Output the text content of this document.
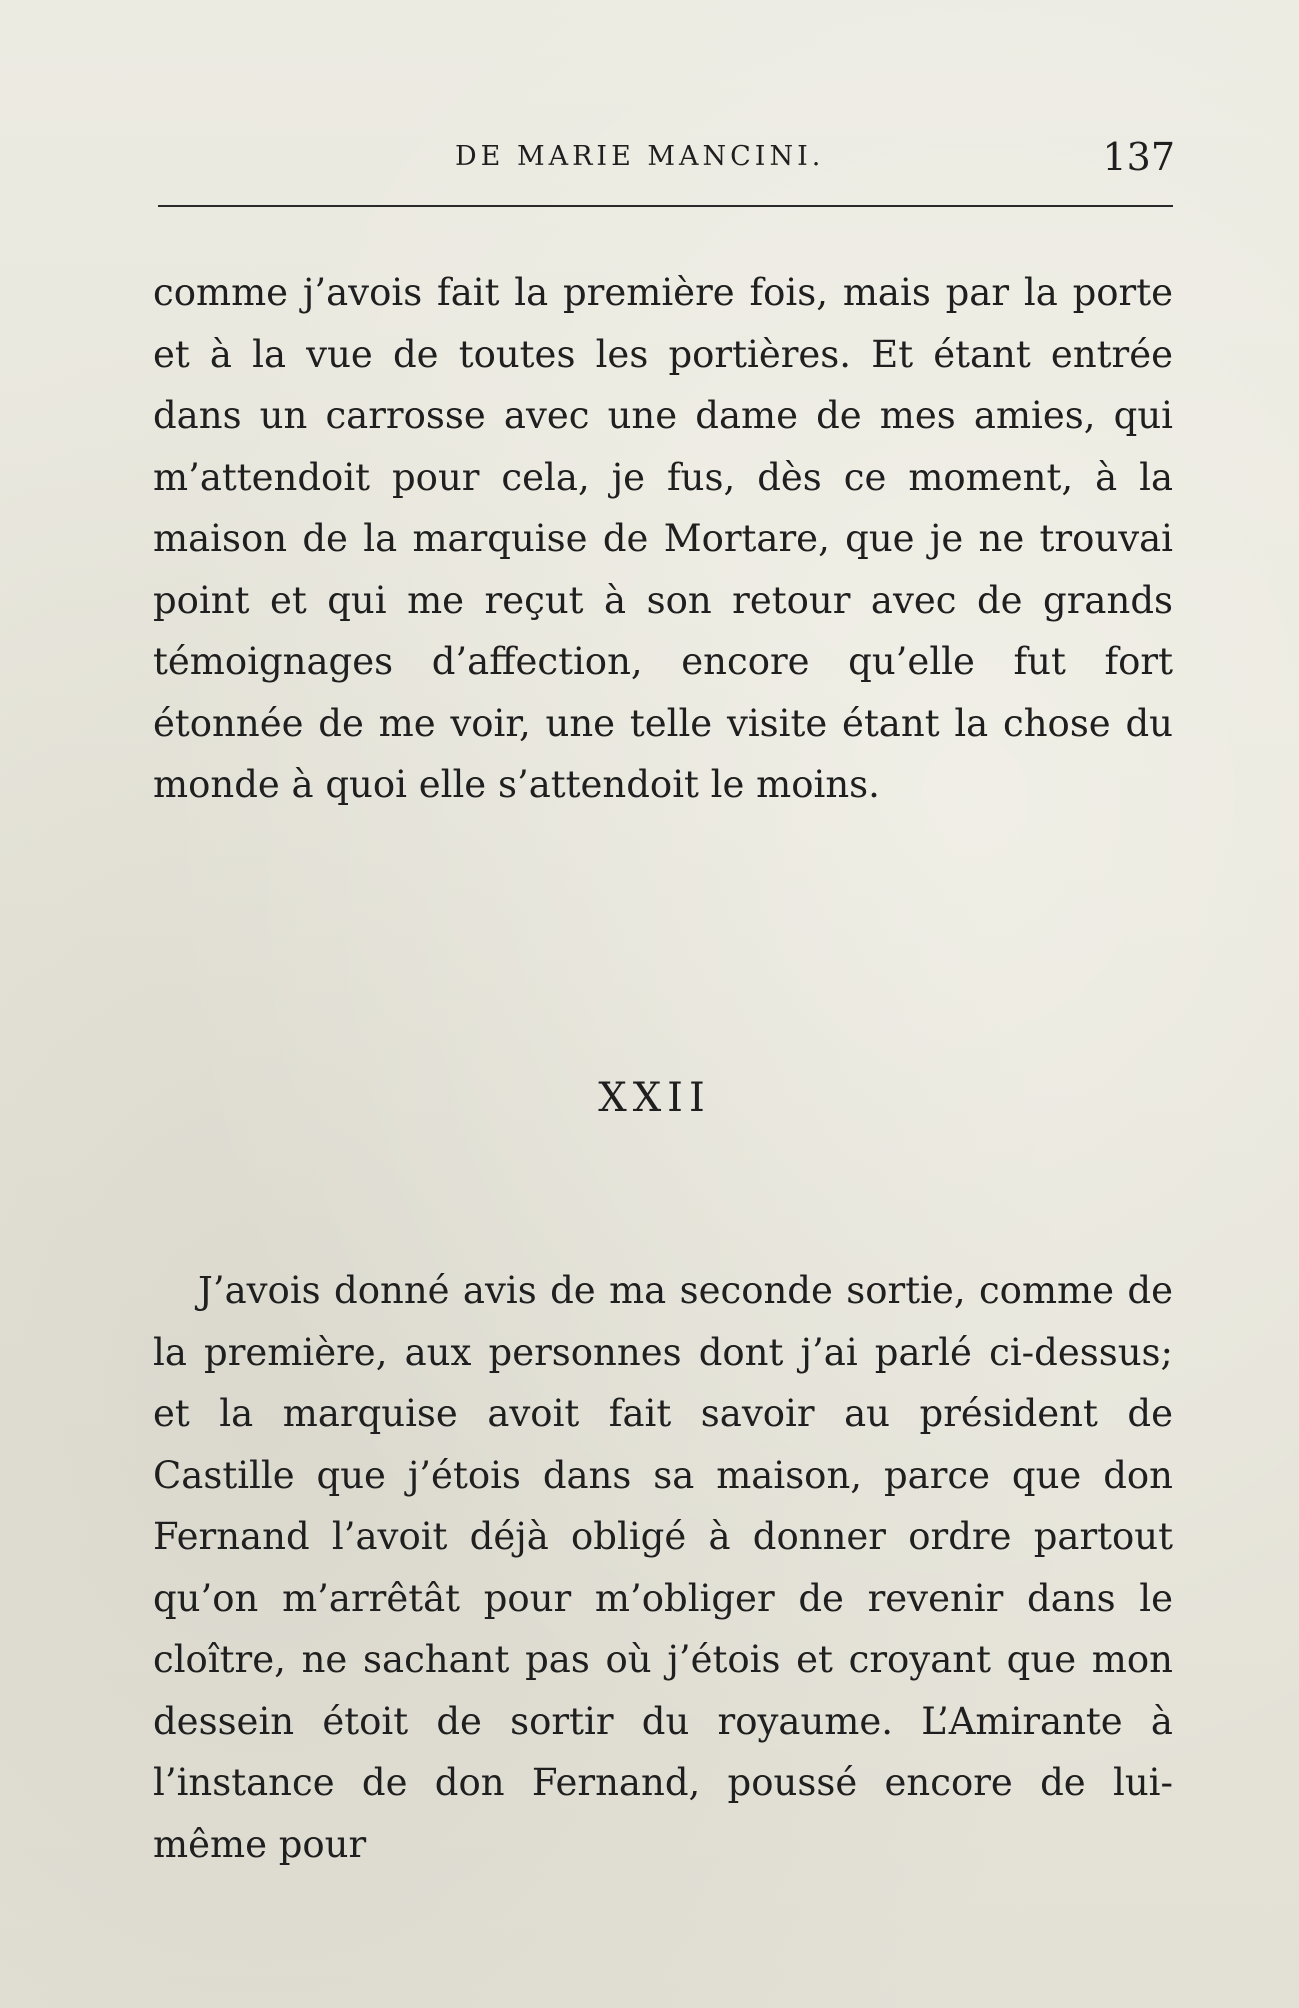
DE MARIE MANCINI.	137

comme j’avois fait la première fois, mais par la porte et à la vue de toutes les portières. Et étant entrée dans un carrosse avec une dame de mes amies, qui m’attendoit pour cela, je fus, dès ce moment, à la maison de la marquise de Mortare, que je ne trouvai point et qui me reçut à son retour avec de grands témoignages d’affection, encore qu’elle fut fort étonnée de me voir, une telle visite étant la chose du monde à quoi elle s’attendoit le moins.

XXII

J’avois donné avis de ma seconde sortie, comme de la première, aux personnes dont j’ai parlé ci-dessus; et la marquise avoit fait savoir au président de Castille que j’étois dans sa maison, parce que don Fernand l’avoit déjà obligé à donner ordre partout qu’on m’arrêtât pour m’obliger de revenir dans le cloître, ne sachant pas où j’étois et croyant que mon dessein étoit de sortir du royaume. L’Amirante à l’instance de don Fernand, poussé encore de lui-même pour
